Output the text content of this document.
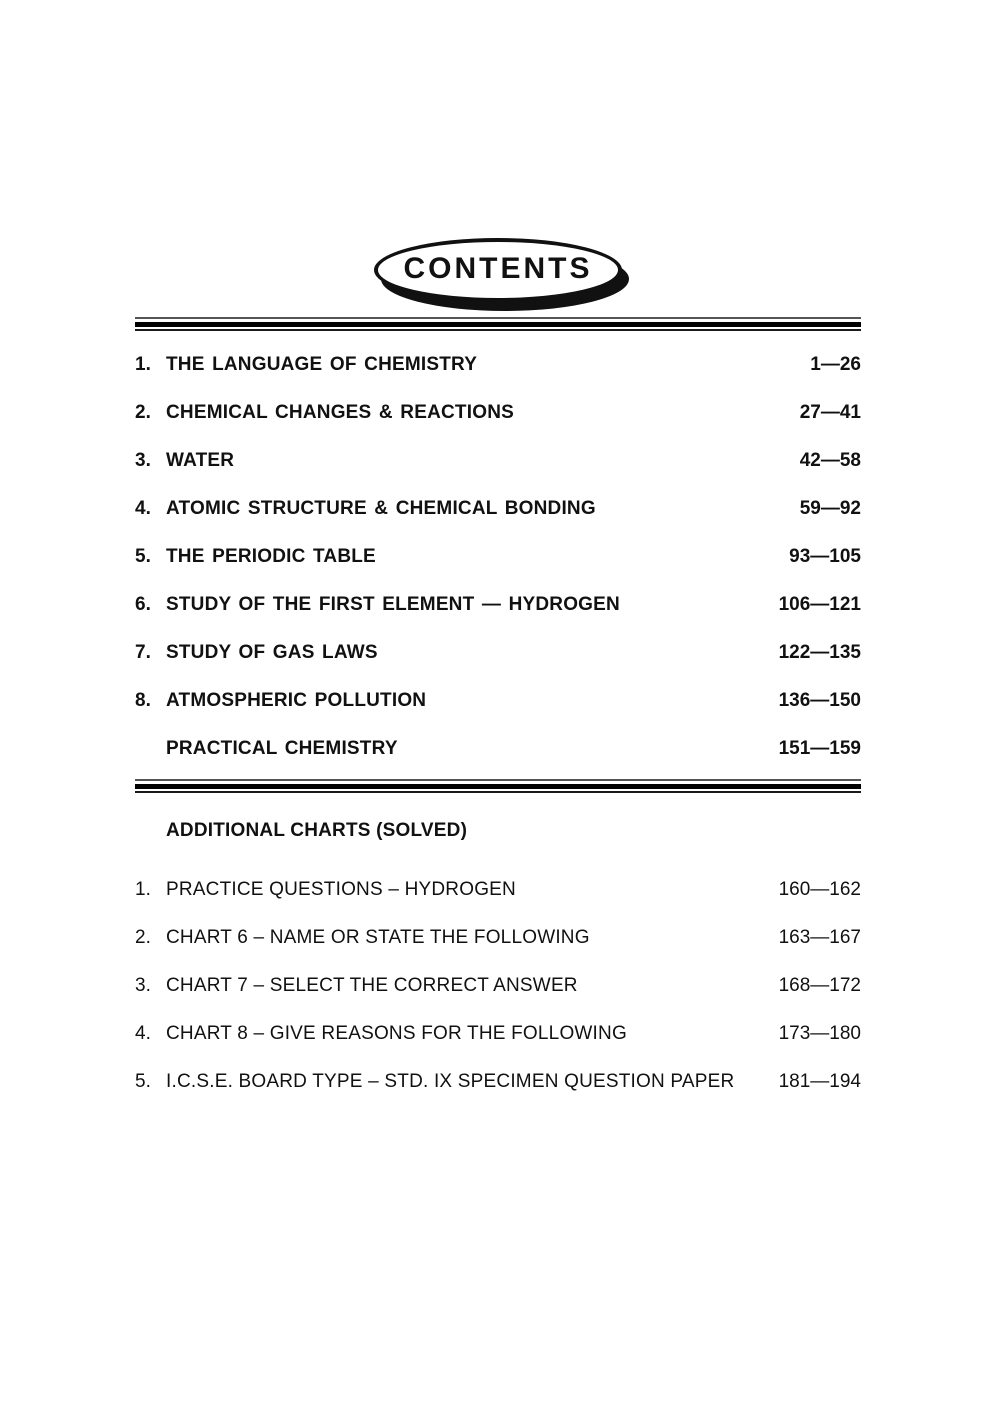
CONTENTS
1. THE LANGUAGE OF CHEMISTRY	1—26
2. CHEMICAL CHANGES & REACTIONS	27—41
3. WATER	42—58
4. ATOMIC STRUCTURE & CHEMICAL BONDING	59—92
5. THE PERIODIC TABLE	93—105
6. STUDY OF THE FIRST ELEMENT — HYDROGEN	106—121
7. STUDY OF GAS LAWS	122—135
8. ATMOSPHERIC POLLUTION	136—150
PRACTICAL CHEMISTRY	151—159
ADDITIONAL CHARTS (SOLVED)
1. PRACTICE QUESTIONS – HYDROGEN	160—162
2. CHART 6 – NAME OR STATE THE FOLLOWING	163—167
3. CHART 7 – SELECT THE CORRECT ANSWER	168—172
4. CHART 8 – GIVE REASONS FOR THE FOLLOWING	173—180
5. I.C.S.E. BOARD TYPE – STD. IX SPECIMEN QUESTION PAPER	181—194
